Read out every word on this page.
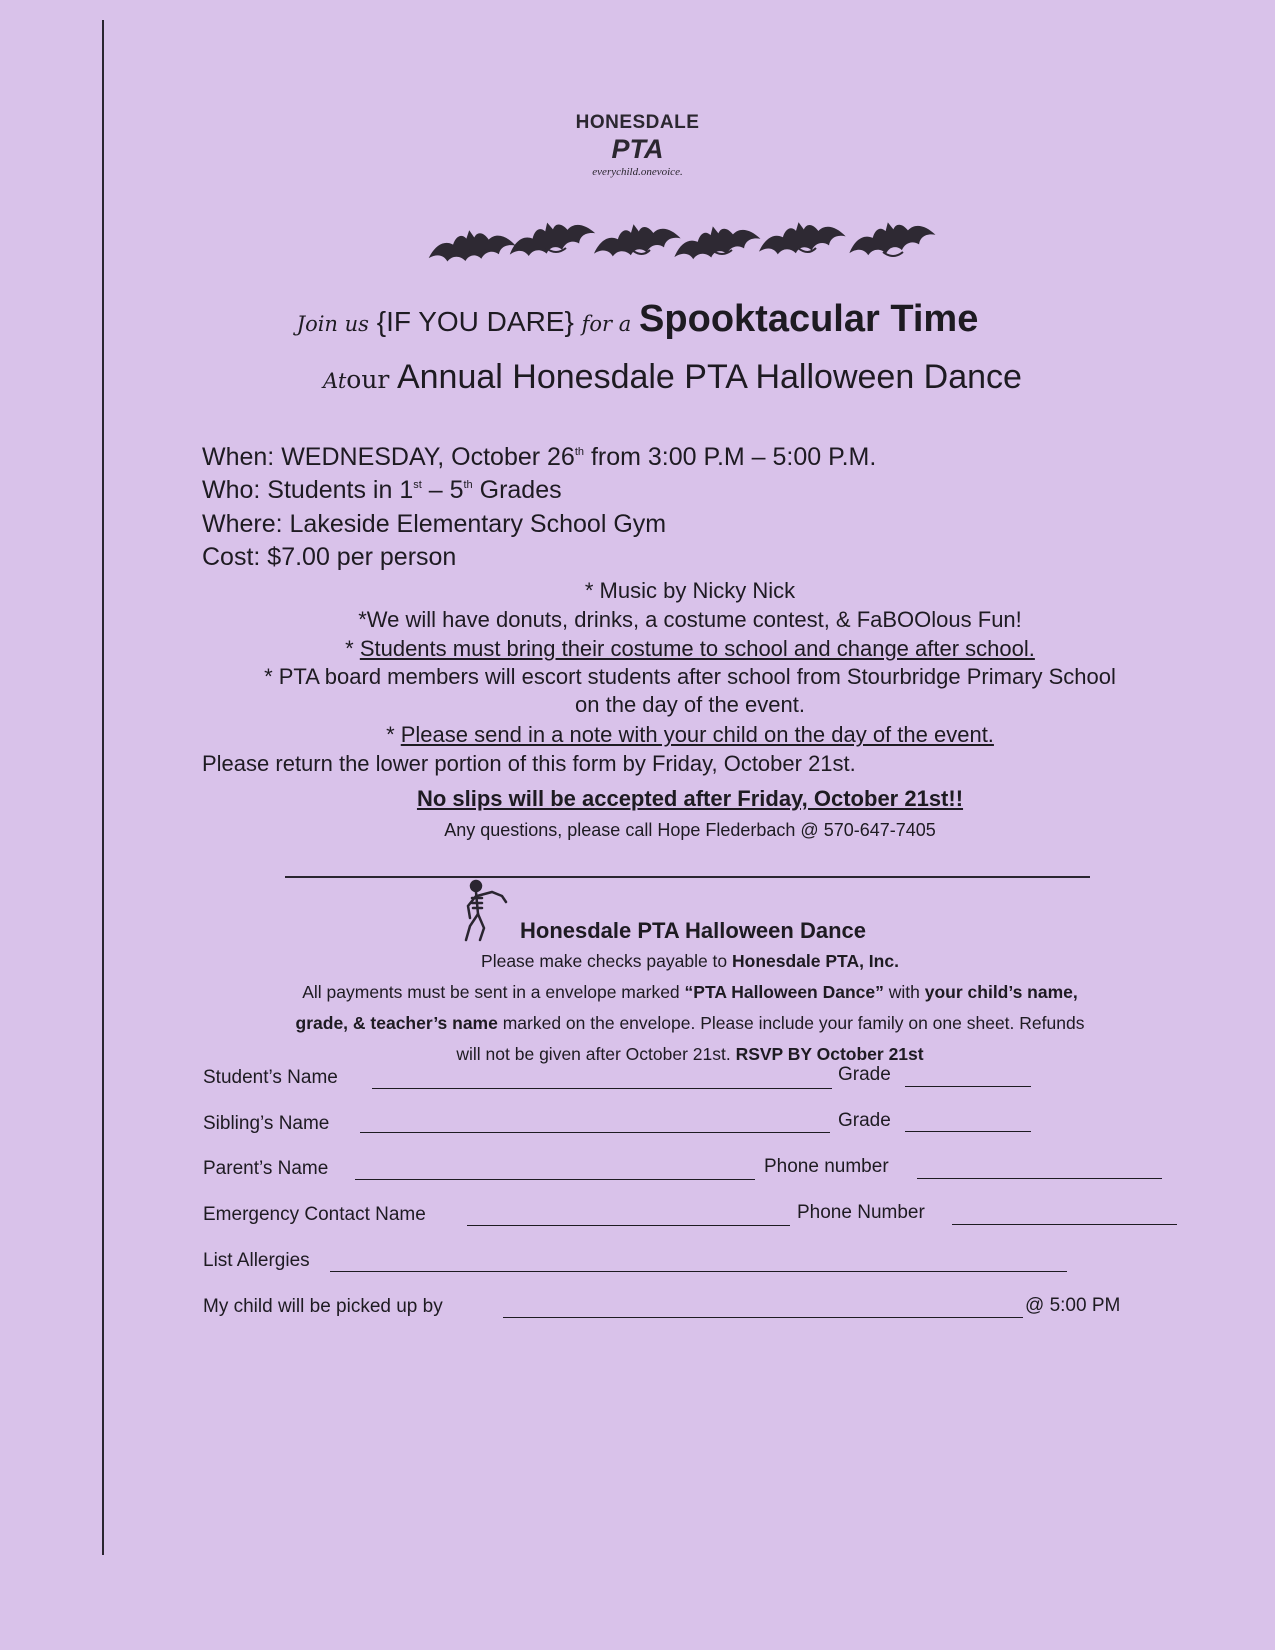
HONESDALE
PTA
everychild.onevoice.
Join us {IF YOU DARE} for a Spooktacular Time
Atour Annual Honesdale PTA Halloween Dance
When: WEDNESDAY, October 26th from 3:00 P.M – 5:00 P.M.
Who: Students in 1st – 5th Grades
Where: Lakeside Elementary School Gym
Cost: $7.00 per person
* Music by Nicky Nick
*We will have donuts, drinks, a costume contest, & FaBOOlous Fun!
* Students must bring their costume to school and change after school.
* PTA board members will escort students after school from Stourbridge Primary School
on the day of the event.
* Please send in a note with your child on the day of the event.
Please return the lower portion of this form by Friday, October 21st.
No slips will be accepted after Friday, October 21st!!
Any questions, please call Hope Flederbach @ 570-647-7405
Honesdale PTA Halloween Dance
Please make checks payable to Honesdale PTA, Inc.
All payments must be sent in a envelope marked “PTA Halloween Dance” with your child’s name,
grade, & teacher’s name marked on the envelope. Please include your family on one sheet. Refunds
will not be given after October 21st. RSVP BY October 21st
Student’s Name	Grade
Sibling’s Name	Grade
Parent’s Name	Phone number
Emergency Contact Name	Phone Number
List Allergies
My child will be picked up by	@ 5:00 PM
